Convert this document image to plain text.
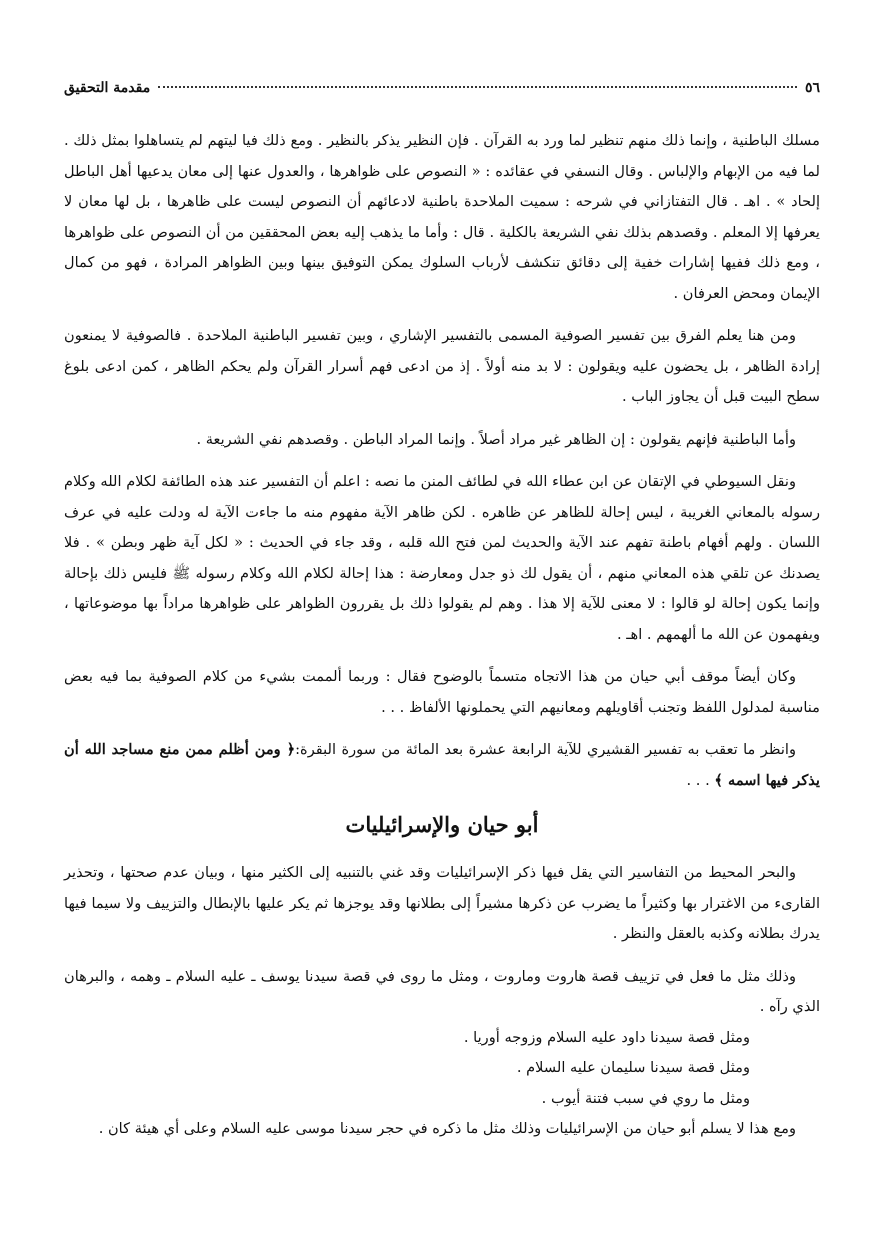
٥٦
مقدمة التحقيق

مسلك الباطنية ، وإنما ذلك منهم تنظير لما ورد به القرآن . فإن النظير يذكر بالنظير . ومع ذلك فيا ليتهم لم يتساهلوا بمثل ذلك . لما فيه من الإبهام والإلباس . وقال النسفي في عقائده : « النصوص على ظواهرها ، والعدول عنها إلى معان يدعيها أهل الباطل إلحاد » . اهـ . قال التفتازاني في شرحه : سميت الملاحدة باطنية لادعائهم أن النصوص ليست على ظاهرها ، بل لها معان لا يعرفها إلا المعلم . وقصدهم بذلك نفي الشريعة بالكلية . قال : وأما ما يذهب إليه بعض المحققين من أن النصوص على ظواهرها ، ومع ذلك ففيها إشارات خفية إلى دقائق تنكشف لأرباب السلوك يمكن التوفيق بينها وبين الظواهر المرادة ، فهو من كمال الإيمان ومحض العرفان .

ومن هنا يعلم الفرق بين تفسير الصوفية المسمى بالتفسير الإشاري ، وبين تفسير الباطنية الملاحدة . فالصوفية لا يمنعون إرادة الظاهر ، بل يحضون عليه ويقولون : لا بد منه أولاً . إذ من ادعى فهم أسرار القرآن ولم يحكم الظاهر ، كمن ادعى بلوغ سطح البيت قبل أن يجاوز الباب .

وأما الباطنية فإنهم يقولون : إن الظاهر غير مراد أصلاً . وإنما المراد الباطن . وقصدهم نفي الشريعة .

ونقل السيوطي في الإتقان عن ابن عطاء الله في لطائف المنن ما نصه : اعلم أن التفسير عند هذه الطائفة لكلام الله وكلام رسوله بالمعاني الغريبة ، ليس إحالة للظاهر عن ظاهره . لكن ظاهر الآية مفهوم منه ما جاءت الآية له ودلت عليه في عرف اللسان . ولهم أفهام باطنة تفهم عند الآية والحديث لمن فتح الله قلبه ، وقد جاء في الحديث : « لكل آية ظهر وبطن » . فلا يصدنك عن تلقي هذه المعاني منهم ، أن يقول لك ذو جدل ومعارضة : هذا إحالة لكلام الله وكلام رسوله ﷺ فليس ذلك بإحالة وإنما يكون إحالة لو قالوا : لا معنى للآية إلا هذا . وهم لم يقولوا ذلك بل يقررون الظواهر على ظواهرها مراداً بها موضوعاتها ، ويفهمون عن الله ما ألهمهم . اهـ .

وكان أيضاً موقف أبي حيان من هذا الاتجاه متسماً بالوضوح فقال : وربما ألممت بشيء من كلام الصوفية بما فيه بعض مناسبة لمدلول اللفظ وتجنب أقاويلهم ومعانيهم التي يحملونها الألفاظ . . .

وانظر ما تعقب به تفسير القشيري للآية الرابعة عشرة بعد المائة من سورة البقرة:﴿ ومن أظلم ممن منع مساجد الله أن يذكر فيها اسمه ﴾ . . .

أبو حيان والإسرائيليات

والبحر المحيط من التفاسير التي يقل فيها ذكر الإسرائيليات وقد غني بالتنبيه إلى الكثير منها ، وبيان عدم صحتها ، وتحذير القارىء من الاغترار بها وكثيراً ما يضرب عن ذكرها مشيراً إلى بطلانها وقد يوجزها ثم يكر عليها بالإبطال والتزييف ولا سيما فيها يدرك بطلانه وكذبه بالعقل والنظر .

وذلك مثل ما فعل في تزييف قصة هاروت وماروت ، ومثل ما روى في قصة سيدنا يوسف ـ عليه السلام ـ وهمه ، والبرهان الذي رآه .

ومثل قصة سيدنا داود عليه السلام وزوجه أوريا .
ومثل قصة سيدنا سليمان عليه السلام .
ومثل ما روي في سبب فتنة أيوب .

ومع هذا لا يسلم أبو حيان من الإسرائيليات وذلك مثل ما ذكره في حجر سيدنا موسى عليه السلام وعلى أي هيئة كان .
